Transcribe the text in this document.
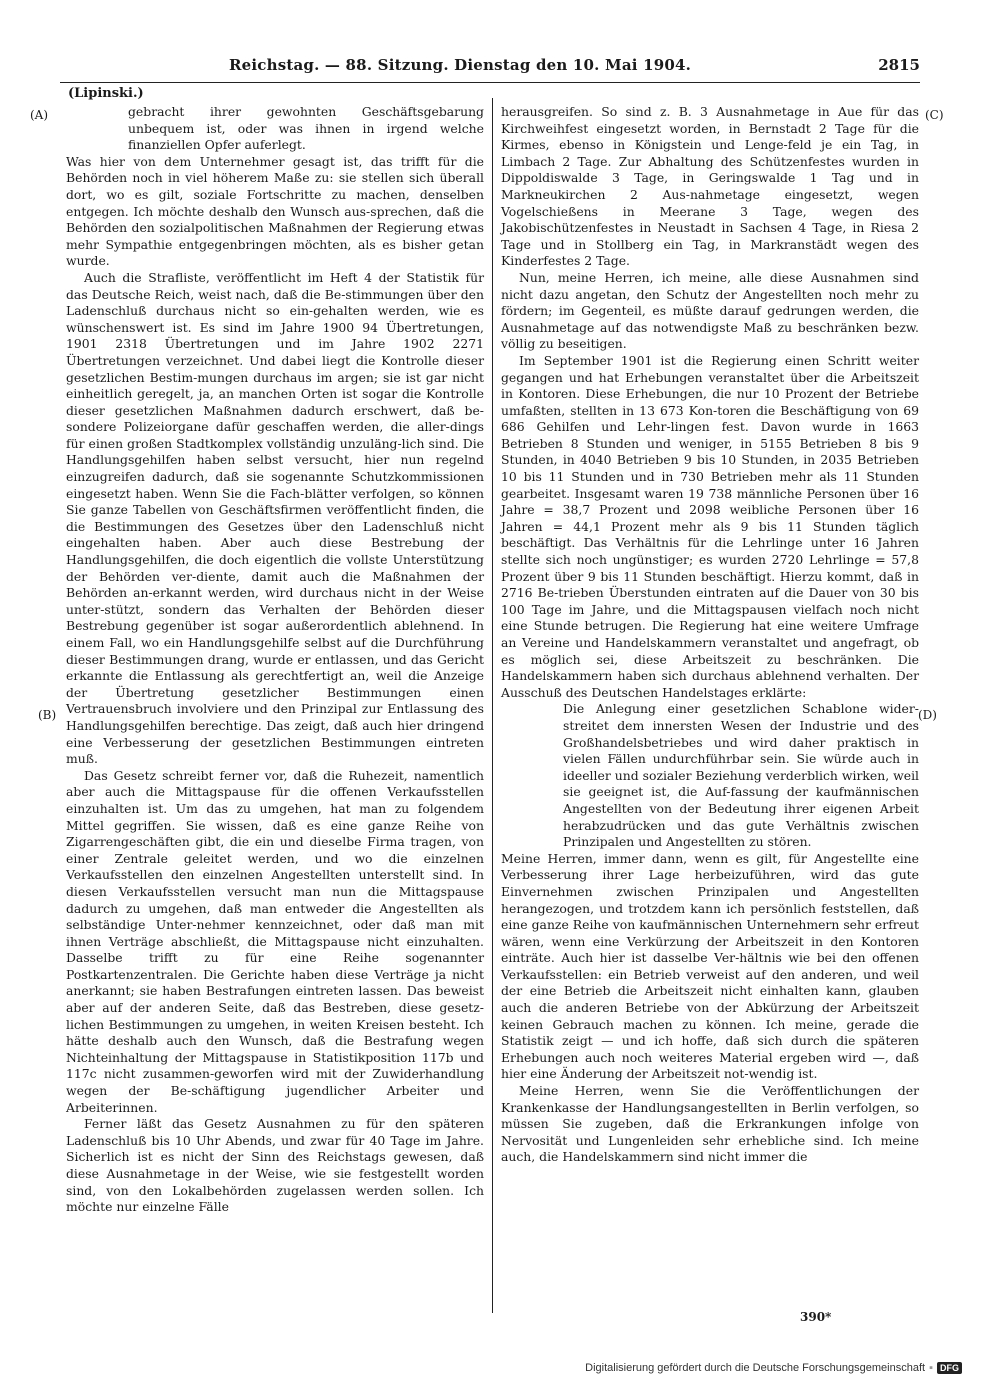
Reichstag. — 88. Sitzung. Dienstag den 10. Mai 1904.	2815
(Lipinski.)
(A)	(C)
(B)	(D)

gebracht ihrer gewohnten Geschäftsgebarung unbequem ist, oder was ihnen in irgend welche finanziellen Opfer auferlegt.

Was hier von dem Unternehmer gesagt ist, das trifft für die Behörden noch in viel höherem Maße zu: sie stellen sich überall dort, wo es gilt, soziale Fortschritte zu machen, denselben entgegen. Ich möchte deshalb den Wunsch aus-sprechen, daß die Behörden den sozialpolitischen Maßnahmen der Regierung etwas mehr Sympathie entgegenbringen möchten, als es bisher getan wurde.

Auch die Strafliste, veröffentlicht im Heft 4 der Statistik für das Deutsche Reich, weist nach, daß die Be-stimmungen über den Ladenschluß durchaus nicht so ein-gehalten werden, wie es wünschenswert ist. Es sind im Jahre 1900 94 Übertretungen, 1901 2318 Übertretungen und im Jahre 1902 2271 Übertretungen verzeichnet. Und dabei liegt die Kontrolle dieser gesetzlichen Bestim-mungen durchaus im argen; sie ist gar nicht einheitlich geregelt, ja, an manchen Orten ist sogar die Kontrolle dieser gesetzlichen Maßnahmen dadurch erschwert, daß be-sondere Polizeiorgane dafür geschaffen werden, die aller-dings für einen großen Stadtkomplex vollständig unzuläng-lich sind. Die Handlungsgehilfen haben selbst versucht, hier nun regelnd einzugreifen dadurch, daß sie sogenannte Schutzkommissionen eingesetzt haben. Wenn Sie die Fach-blätter verfolgen, so können Sie ganze Tabellen von Geschäftsfirmen veröffentlicht finden, die die Bestimmungen des Gesetzes über den Ladenschluß nicht eingehalten haben. Aber auch diese Bestrebung der Handlungsgehilfen, die doch eigentlich die vollste Unterstützung der Behörden ver-diente, damit auch die Maßnahmen der Behörden an-erkannt werden, wird durchaus nicht in der Weise unter-stützt, sondern das Verhalten der Behörden dieser Bestrebung gegenüber ist sogar außerordentlich ablehnend. In einem Fall, wo ein Handlungsgehilfe selbst auf die Durchführung dieser Bestimmungen drang, wurde er entlassen, und das Gericht erkannte die Entlassung als gerechtfertigt an, weil die Anzeige der Übertretung gesetzlicher Bestimmungen einen Vertrauensbruch involviere und den Prinzipal zur Entlassung des Handlungsgehilfen berechtige. Das zeigt, daß auch hier dringend eine Verbesserung der gesetzlichen Bestimmungen eintreten muß.

Das Gesetz schreibt ferner vor, daß die Ruhezeit, namentlich aber auch die Mittagspause für die offenen Verkaufsstellen einzuhalten ist. Um das zu umgehen, hat man zu folgendem Mittel gegriffen. Sie wissen, daß es eine ganze Reihe von Zigarrengeschäften gibt, die ein und dieselbe Firma tragen, von einer Zentrale geleitet werden, und wo die einzelnen Verkaufsstellen den einzelnen Angestellten unterstellt sind. In diesen Verkaufsstellen versucht man nun die Mittagspause dadurch zu umgehen, daß man entweder die Angestellten als selbständige Unter-nehmer kennzeichnet, oder daß man mit ihnen Verträge abschließt, die Mittagspause nicht einzuhalten. Dasselbe trifft zu für eine Reihe sogenannter Postkartenzentralen. Die Gerichte haben diese Verträge ja nicht anerkannt; sie haben Bestrafungen eintreten lassen. Das beweist aber auf der anderen Seite, daß das Bestreben, diese gesetz-lichen Bestimmungen zu umgehen, in weiten Kreisen besteht. Ich hätte deshalb auch den Wunsch, daß die Bestrafung wegen Nichteinhaltung der Mittagspause in Statistikposition 117b und 117c nicht zusammen-geworfen wird mit der Zuwiderhandlung wegen der Be-schäftigung jugendlicher Arbeiter und Arbeiterinnen.

Ferner läßt das Gesetz Ausnahmen zu für den späteren Ladenschluß bis 10 Uhr Abends, und zwar für 40 Tage im Jahre. Sicherlich ist es nicht der Sinn des Reichstags gewesen, daß diese Ausnahmetage in der Weise, wie sie festgestellt worden sind, von den Lokalbehörden zugelassen werden sollen. Ich möchte nur einzelne Fälle

herausgreifen. So sind z. B. 3 Ausnahmetage in Aue für das Kirchweihfest eingesetzt worden, in Bernstadt 2 Tage für die Kirmes, ebenso in Königstein und Lenge-feld je ein Tag, in Limbach 2 Tage. Zur Abhaltung des Schützenfestes wurden in Dippoldiswalde 3 Tage, in Geringswalde 1 Tag und in Markneukirchen 2 Aus-nahmetage eingesetzt, wegen Vogelschießens in Meerane 3 Tage, wegen des Jakobischützenfestes in Neustadt in Sachsen 4 Tage, in Riesa 2 Tage und in Stollberg ein Tag, in Markranstädt wegen des Kinderfestes 2 Tage.

Nun, meine Herren, ich meine, alle diese Ausnahmen sind nicht dazu angetan, den Schutz der Angestellten noch mehr zu fördern; im Gegenteil, es müßte darauf gedrungen werden, die Ausnahmetage auf das notwendigste Maß zu beschränken bezw. völlig zu beseitigen.

Im September 1901 ist die Regierung einen Schritt weiter gegangen und hat Erhebungen veranstaltet über die Arbeitszeit in Kontoren. Diese Erhebungen, die nur 10 Prozent der Betriebe umfaßten, stellten in 13 673 Kon-toren die Beschäftigung von 69 686 Gehilfen und Lehr-lingen fest. Davon wurde in 1663 Betrieben 8 Stunden und weniger, in 5155 Betrieben 8 bis 9 Stunden, in 4040 Betrieben 9 bis 10 Stunden, in 2035 Betrieben 10 bis 11 Stunden und in 730 Betrieben mehr als 11 Stunden gearbeitet. Insgesamt waren 19 738 männliche Personen über 16 Jahre = 38,7 Prozent und 2098 weibliche Personen über 16 Jahren = 44,1 Prozent mehr als 9 bis 11 Stunden täglich beschäftigt. Das Verhältnis für die Lehrlinge unter 16 Jahren stellte sich noch ungünstiger; es wurden 2720 Lehrlinge = 57,8 Prozent über 9 bis 11 Stunden beschäftigt. Hierzu kommt, daß in 2716 Be-trieben Überstunden eintraten auf die Dauer von 30 bis 100 Tage im Jahre, und die Mittagspausen vielfach noch nicht eine Stunde betrugen. Die Regierung hat eine weitere Umfrage an Vereine und Handelskammern veranstaltet und angefragt, ob es möglich sei, diese Arbeitszeit zu beschränken. Die Handelskammern haben sich durchaus ablehnend verhalten. Der Ausschuß des Deutschen Handelstages erklärte:

Die Anlegung einer gesetzlichen Schablone wider-streitet dem innersten Wesen der Industrie und des Großhandelsbetriebes und wird daher praktisch in vielen Fällen undurchführbar sein. Sie würde auch in ideeller und sozialer Beziehung verderblich wirken, weil sie geeignet ist, die Auf-fassung der kaufmännischen Angestellten von der Bedeutung ihrer eigenen Arbeit herabzudrücken und das gute Verhältnis zwischen Prinzipalen und Angestellten zu stören.

Meine Herren, immer dann, wenn es gilt, für Angestellte eine Verbesserung ihrer Lage herbeizuführen, wird das gute Einvernehmen zwischen Prinzipalen und Angestellten herangezogen, und trotzdem kann ich persönlich feststellen, daß eine ganze Reihe von kaufmännischen Unternehmern sehr erfreut wären, wenn eine Verkürzung der Arbeitszeit in den Kontoren einträte. Auch hier ist dasselbe Ver-hältnis wie bei den offenen Verkaufsstellen: ein Betrieb verweist auf den anderen, und weil der eine Betrieb die Arbeitszeit nicht einhalten kann, glauben auch die anderen Betriebe von der Abkürzung der Arbeitszeit keinen Gebrauch machen zu können. Ich meine, gerade die Statistik zeigt — und ich hoffe, daß sich durch die späteren Erhebungen auch noch weiteres Material ergeben wird —, daß hier eine Änderung der Arbeitszeit not-wendig ist.

Meine Herren, wenn Sie die Veröffentlichungen der Krankenkasse der Handlungsangestellten in Berlin verfolgen, so müssen Sie zugeben, daß die Erkrankungen infolge von Nervosität und Lungenleiden sehr erhebliche sind. Ich meine auch, die Handelskammern sind nicht immer die

390*
Digitalisierung gefördert durch die Deutsche Forschungsgemeinschaft ▪ DFG
